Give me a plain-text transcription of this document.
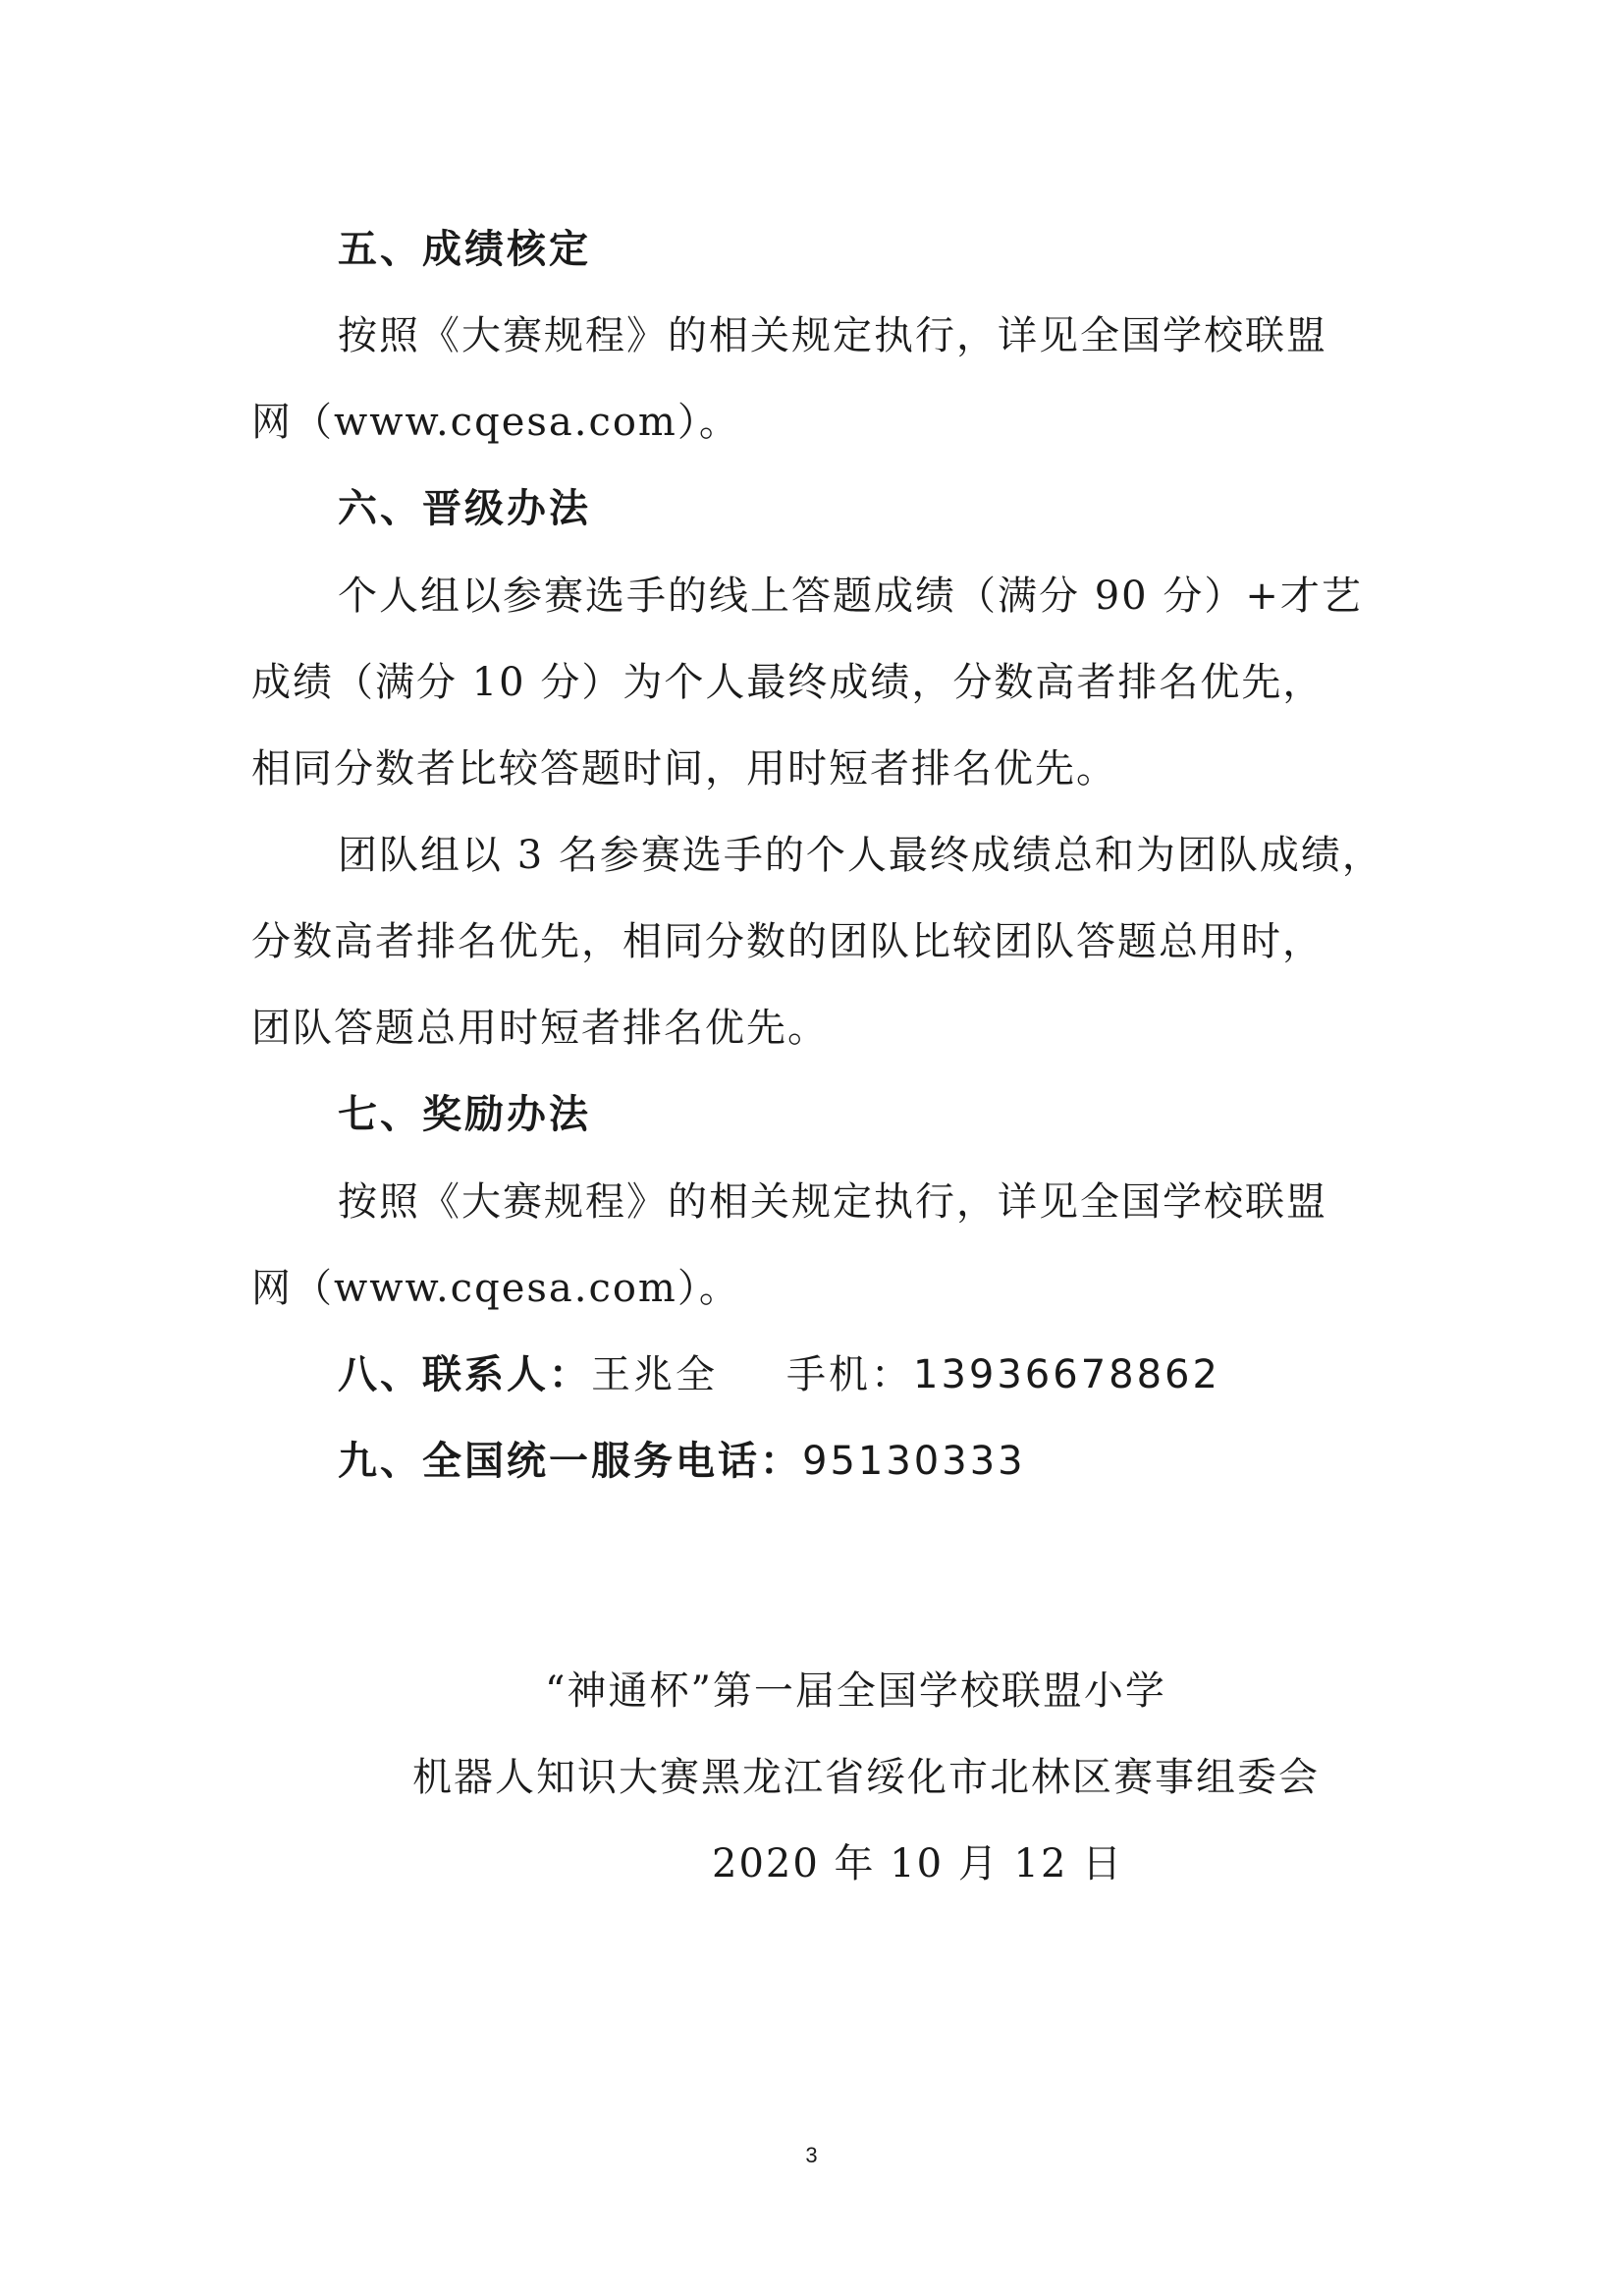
五、成绩核定
按照《大赛规程》的相关规定执行，详见全国学校联盟
网（www.cqesa.com）。
六、晋级办法
个人组以参赛选手的线上答题成绩（满分 90 分）+才艺
成绩（满分 10 分）为个人最终成绩，分数高者排名优先，
相同分数者比较答题时间，用时短者排名优先。
团队组以 3 名参赛选手的个人最终成绩总和为团队成绩，
分数高者排名优先，相同分数的团队比较团队答题总用时，
团队答题总用时短者排名优先。
七、奖励办法
按照《大赛规程》的相关规定执行，详见全国学校联盟
网（www.cqesa.com）。
八、联系人：王兆全 手机：13936678862
九、全国统一服务电话：95130333
“神通杯”第一届全国学校联盟小学
机器人知识大赛黑龙江省绥化市北林区赛事组委会
2020 年 10 月 12 日
3
